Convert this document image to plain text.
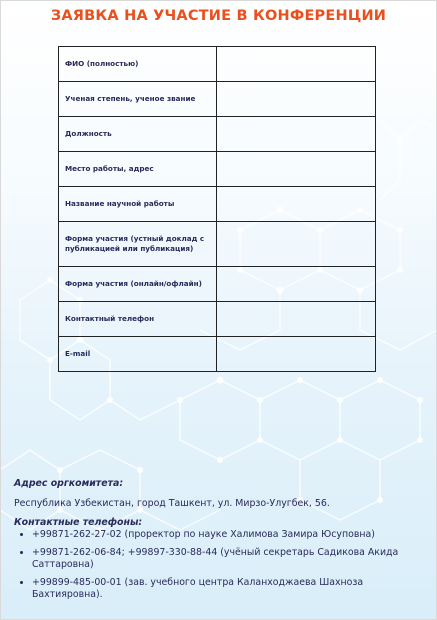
ЗАЯВКА НА УЧАСТИЕ В КОНФЕРЕНЦИИ
ФИО (полностью)	
Ученая степень, ученое звание	
Должность	
Место работы, адрес	
Название научной работы	
Форма участия (устный доклад с публикацией или публикация)	
Форма участия (онлайн/офлайн)	
Контактный телефон	
E-mail	
Адрес оргкомитета:
Республика Узбекистан, город Ташкент, ул. Мирзо-Улугбек, 56.
Контактные телефоны:
• +99871-262-27-02 (проректор по науке Халимова Замира Юсуповна)
• +99871-262-06-84; +99897-330-88-44 (учёный секретарь Садикова Акида Саттаровна)
• +99899-485-00-01 (зав. учебного центра Каланходжаева Шахноза Бахтияровна).
